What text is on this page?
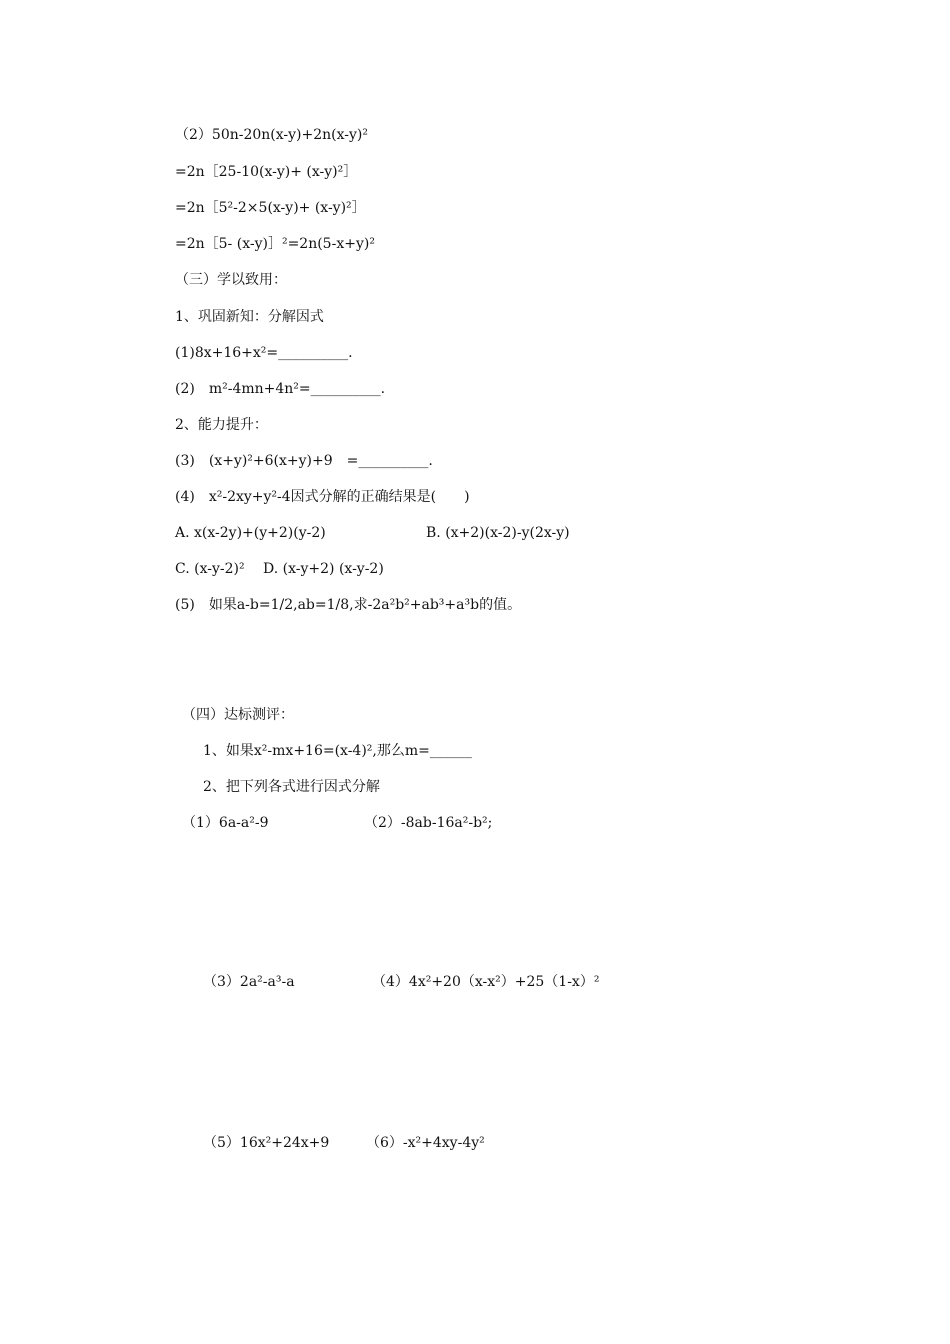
（2）50n-20n(x-y)+2n(x-y)²
=2n［25-10(x-y)+ (x-y)²］
=2n［5²-2×5(x-y)+ (x-y)²］
=2n［5- (x-y)］²=2n(5-x+y)²
（三）学以致用：
1、巩固新知：分解因式
(1)8x+16+x²=__________.
(2)　m²-4mn+4n²=__________.
2、能力提升：
(3)　(x+y)²+6(x+y)+9　=__________.
(4)　x²-2xy+y²-4因式分解的正确结果是(　　)
A. x(x-2y)+(y+2)(y-2)	B. (x+2)(x-2)-y(2x-y)
C. (x-y-2)²　 D. (x-y+2) (x-y-2)
(5)　如果a-b=1/2,ab=1/8,求-2a²b²+ab³+a³b的值。
（四）达标测评：
1、如果x²-mx+16=(x-4)²,那么m=______
2、把下列各式进行因式分解
（1）6a-a²-9	（2）-8ab-16a²-b²;
（3）2a²-a³-a	（4）4x²+20（x-x²）+25（1-x）²
（5）16x²+24x+9	（6）-x²+4xy-4y²
